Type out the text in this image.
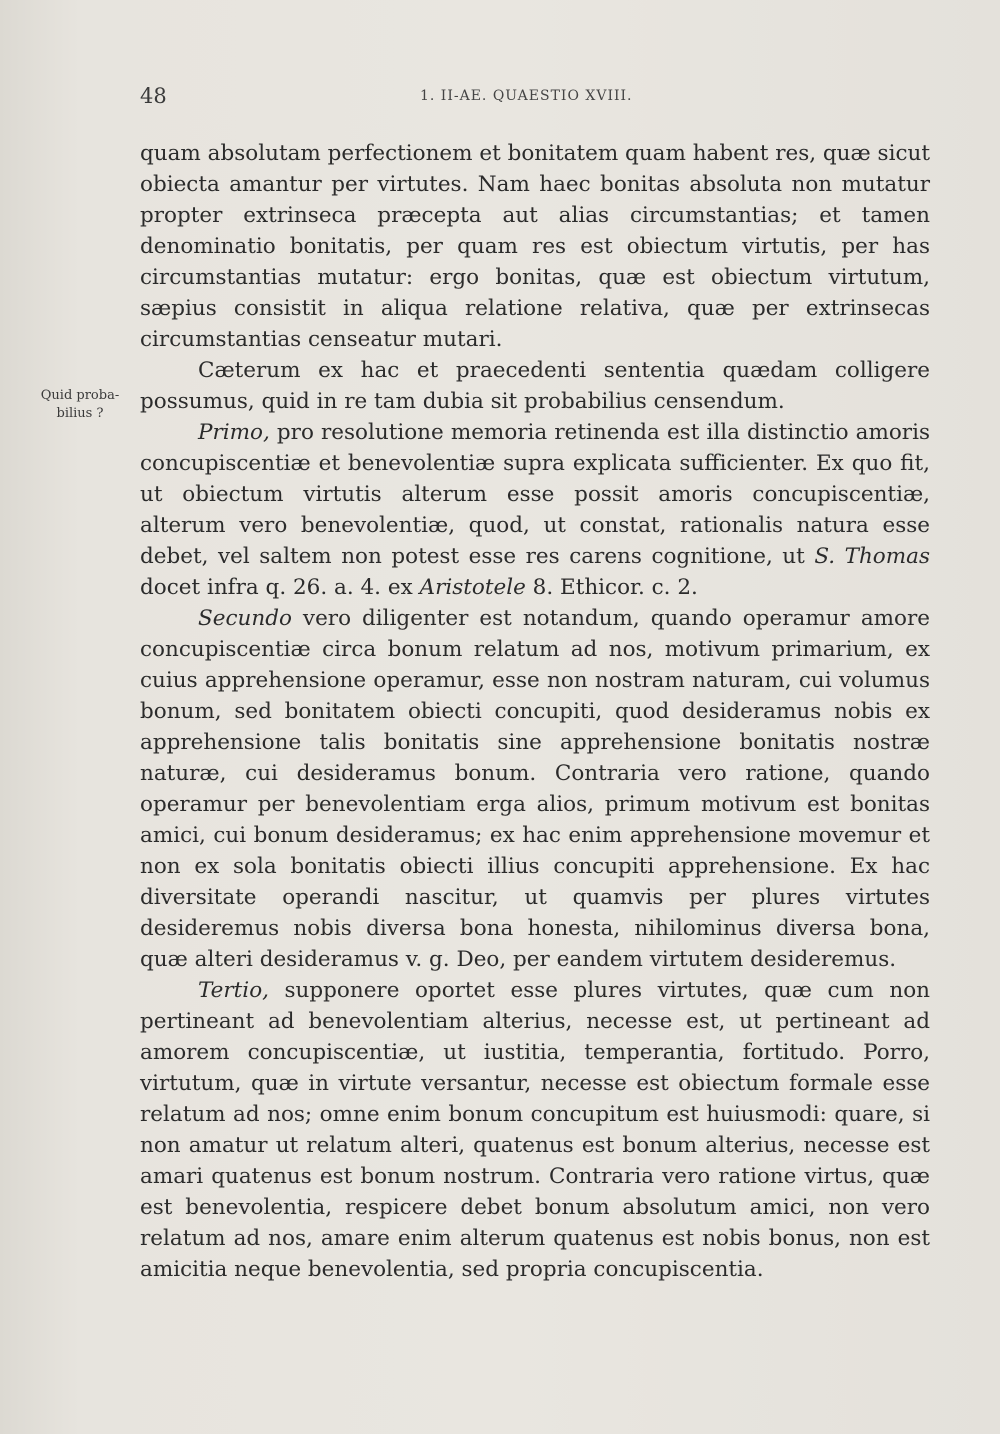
48	1. II-AE. QUAESTIO XVIII.
Quid proba-
bilius ?

quam absolutam perfectionem et bonitatem quam habent res, quæ sicut obiecta amantur per virtutes. Nam haec bonitas absoluta non mutatur propter extrinseca præcepta aut alias circumstantias; et tamen denominatio bonitatis, per quam res est obiectum virtutis, per has circumstantias mutatur: ergo bonitas, quæ est obiectum virtutum, sæpius consistit in aliqua relatione relativa, quæ per extrinsecas circumstantias censeatur mutari.

Cæterum ex hac et praecedenti sententia quædam colligere possumus, quid in re tam dubia sit probabilius censendum.

Primo, pro resolutione memoria retinenda est illa distinctio amoris concupiscentiæ et benevolentiæ supra explicata sufficienter. Ex quo fit, ut obiectum virtutis alterum esse possit amoris concupiscentiæ, alterum vero benevolentiæ, quod, ut constat, rationalis natura esse debet, vel saltem non potest esse res carens cognitione, ut S. Thomas docet infra q. 26. a. 4. ex Aristotele 8. Ethicor. c. 2.

Secundo vero diligenter est notandum, quando operamur amore concupiscentiæ circa bonum relatum ad nos, motivum primarium, ex cuius apprehensione operamur, esse non nostram naturam, cui volumus bonum, sed bonitatem obiecti concupiti, quod desideramus nobis ex apprehensione talis bonitatis sine apprehensione bonitatis nostræ naturæ, cui desideramus bonum. Contraria vero ratione, quando operamur per benevolentiam erga alios, primum motivum est bonitas amici, cui bonum desideramus; ex hac enim apprehensione movemur et non ex sola bonitatis obiecti illius concupiti apprehensione. Ex hac diversitate operandi nascitur, ut quamvis per plures virtutes desideremus nobis diversa bona honesta, nihilominus diversa bona, quæ alteri desideramus v. g. Deo, per eandem virtutem desideremus.

Tertio, supponere oportet esse plures virtutes, quæ cum non pertineant ad benevolentiam alterius, necesse est, ut pertineant ad amorem concupiscentiæ, ut iustitia, temperantia, fortitudo. Porro, virtutum, quæ in virtute versantur, necesse est obiectum formale esse relatum ad nos; omne enim bonum concupitum est huiusmodi: quare, si non amatur ut relatum alteri, quatenus est bonum alterius, necesse est amari quatenus est bonum nostrum. Contraria vero ratione virtus, quæ est benevolentia, respicere debet bonum absolutum amici, non vero relatum ad nos, amare enim alterum quatenus est nobis bonus, non est amicitia neque benevolentia, sed propria concupiscentia.
